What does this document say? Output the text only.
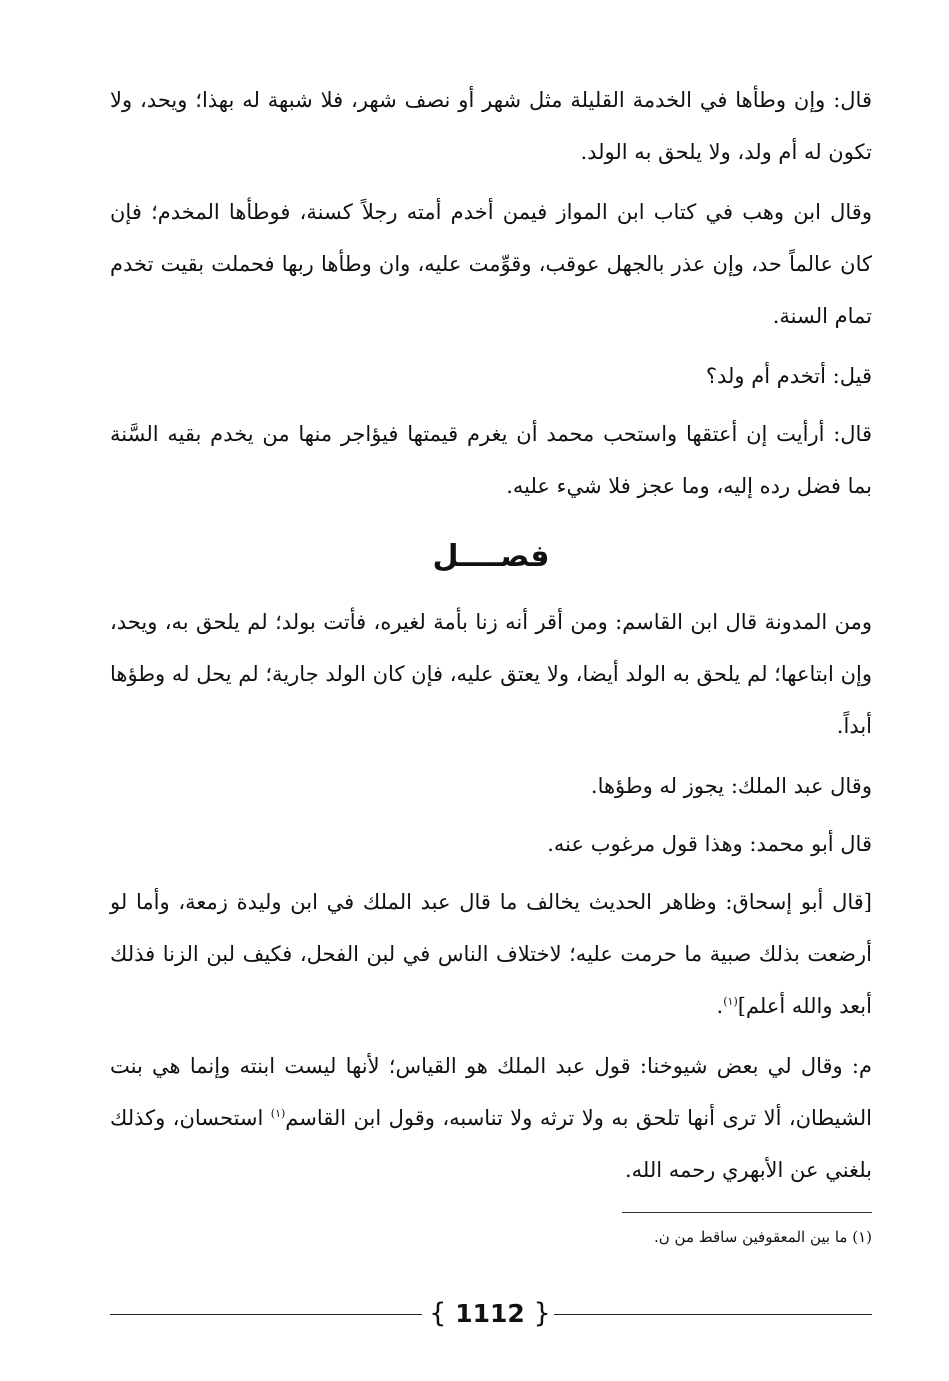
قال: وإن وطأها في الخدمة القليلة مثل شهر أو نصف شهر، فلا شبهة له بهذا؛ ويحد، ولا تكون له أم ولد، ولا يلحق به الولد.

وقال ابن وهب في كتاب ابن المواز فيمن أخدم أمته رجلاً كسنة، فوطأها المخدم؛ فإن كان عالماً حد، وإن عذر بالجهل عوقب، وقوِّمت عليه، وان وطأها ربها فحملت بقيت تخدم تمام السنة.

قيل: أتخدم أم ولد؟

قال: أرأيت إن أعتقها واستحب محمد أن يغرم قيمتها فيؤاجر منها من يخدم بقيه السَّنة بما فضل رده إليه، وما عجز فلا شيء عليه.

فصــــل

ومن المدونة قال ابن القاسم: ومن أقر أنه زنا بأمة لغيره، فأتت بولد؛ لم يلحق به، ويحد، وإن ابتاعها؛ لم يلحق به الولد أيضا، ولا يعتق عليه، فإن كان الولد جارية؛ لم يحل له وطؤها أبداً.

وقال عبد الملك: يجوز له وطؤها.

قال أبو محمد: وهذا قول مرغوب عنه.

[قال أبو إسحاق: وظاهر الحديث يخالف ما قال عبد الملك في ابن وليدة زمعة، وأما لو أرضعت بذلك صبية ما حرمت عليه؛ لاختلاف الناس في لبن الفحل، فكيف لبن الزنا فذلك أبعد والله أعلم]$^{(١)}$.

م: وقال لي بعض شيوخنا: قول عبد الملك هو القياس؛ لأنها ليست ابنته وإنما هي بنت الشيطان، ألا ترى أنها تلحق به ولا ترثه ولا تناسبه، وقول ابن القاسم$^{(١)}$ استحسان، وكذلك بلغني عن الأبهري رحمه الله.

(١) ما بين المعقوفين ساقط من ن.
{ 1112 }
